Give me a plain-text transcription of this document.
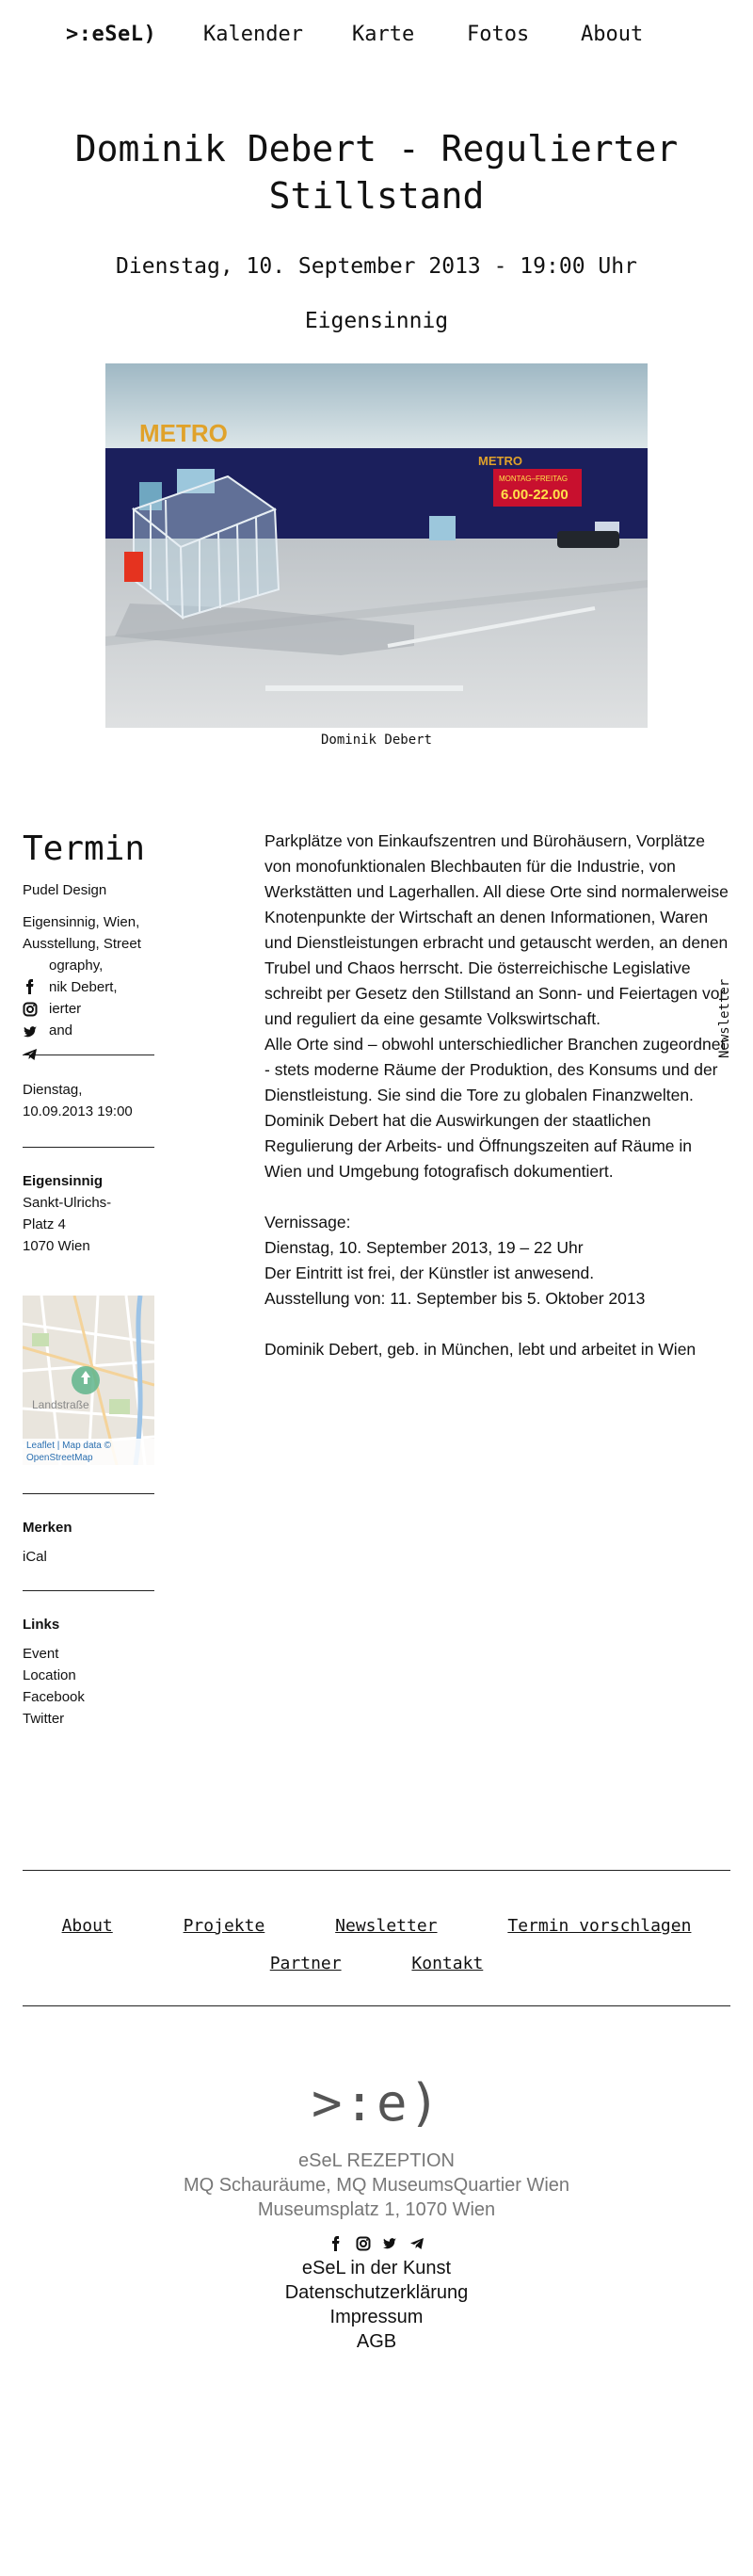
>:eSeL) Kalender Karte	Fotos About
Dominik Debert - Regulierter Stillstand
Dienstag, 10. September 2013 - 19:00 Uhr
Eigensinnig
METRO
METRO
MONTAG–FREITAG
6.00-22.00
Dominik Debert
Termin

Pudel Design

Eigensinnig, Wien,

Ausstellung, Street

ography,

nik Debert,

ierter

and

Dienstag,

10.09.2013 19:00

Eigensinnig

Sankt-Ulrichs-

Platz 4

1070 Wien

Landstraße
Leaflet | Map data ©
OpenStreetMap

Merken

iCal

Links

Event
Location
Facebook
Twitter

Parkplätze von Einkaufszentren und Bürohäusern, Vorplätze von monofunktionalen Blechbauten für die Industrie, von Werkstätten und Lagerhallen. All diese Orte sind normalerweise Knotenpunkte der Wirtschaft an denen Informationen, Waren und Dienstleistungen erbracht und getauscht werden, an denen Trubel und Chaos herrscht. Die österreichische Legislative schreibt per Gesetz den Stillstand an Sonn- und Feiertagen vor und reguliert da eine gesamte Volkswirtschaft.

Alle Orte sind – obwohl unterschiedlicher Branchen zugeordnet - stets moderne Räume der Produktion, des Konsums und der Dienstleistung. Sie sind die Tore zu globalen Finanzwelten. Dominik Debert hat die Auswirkungen der staatlichen Regulierung der Arbeits- und Öffnungszeiten auf Räume in Wien und Umgebung fotografisch dokumentiert.

Vernissage:

Dienstag, 10. September 2013, 19 – 22 Uhr

Der Eintritt ist frei, der Künstler ist anwesend.

Ausstellung von: 11. September bis 5. Oktober 2013

Dominik Debert, geb. in München, lebt und arbeitet in Wien

Newsletter
About	Projekte	Newsletter	Termin vorschlagen
Partner	Kontakt
>:e)
eSeL REZEPTION
MQ Schauräume, MQ MuseumsQuartier Wien
Museumsplatz 1, 1070 Wien

eSeL in der Kunst
Datenschutzerklärung
Impressum
AGB
